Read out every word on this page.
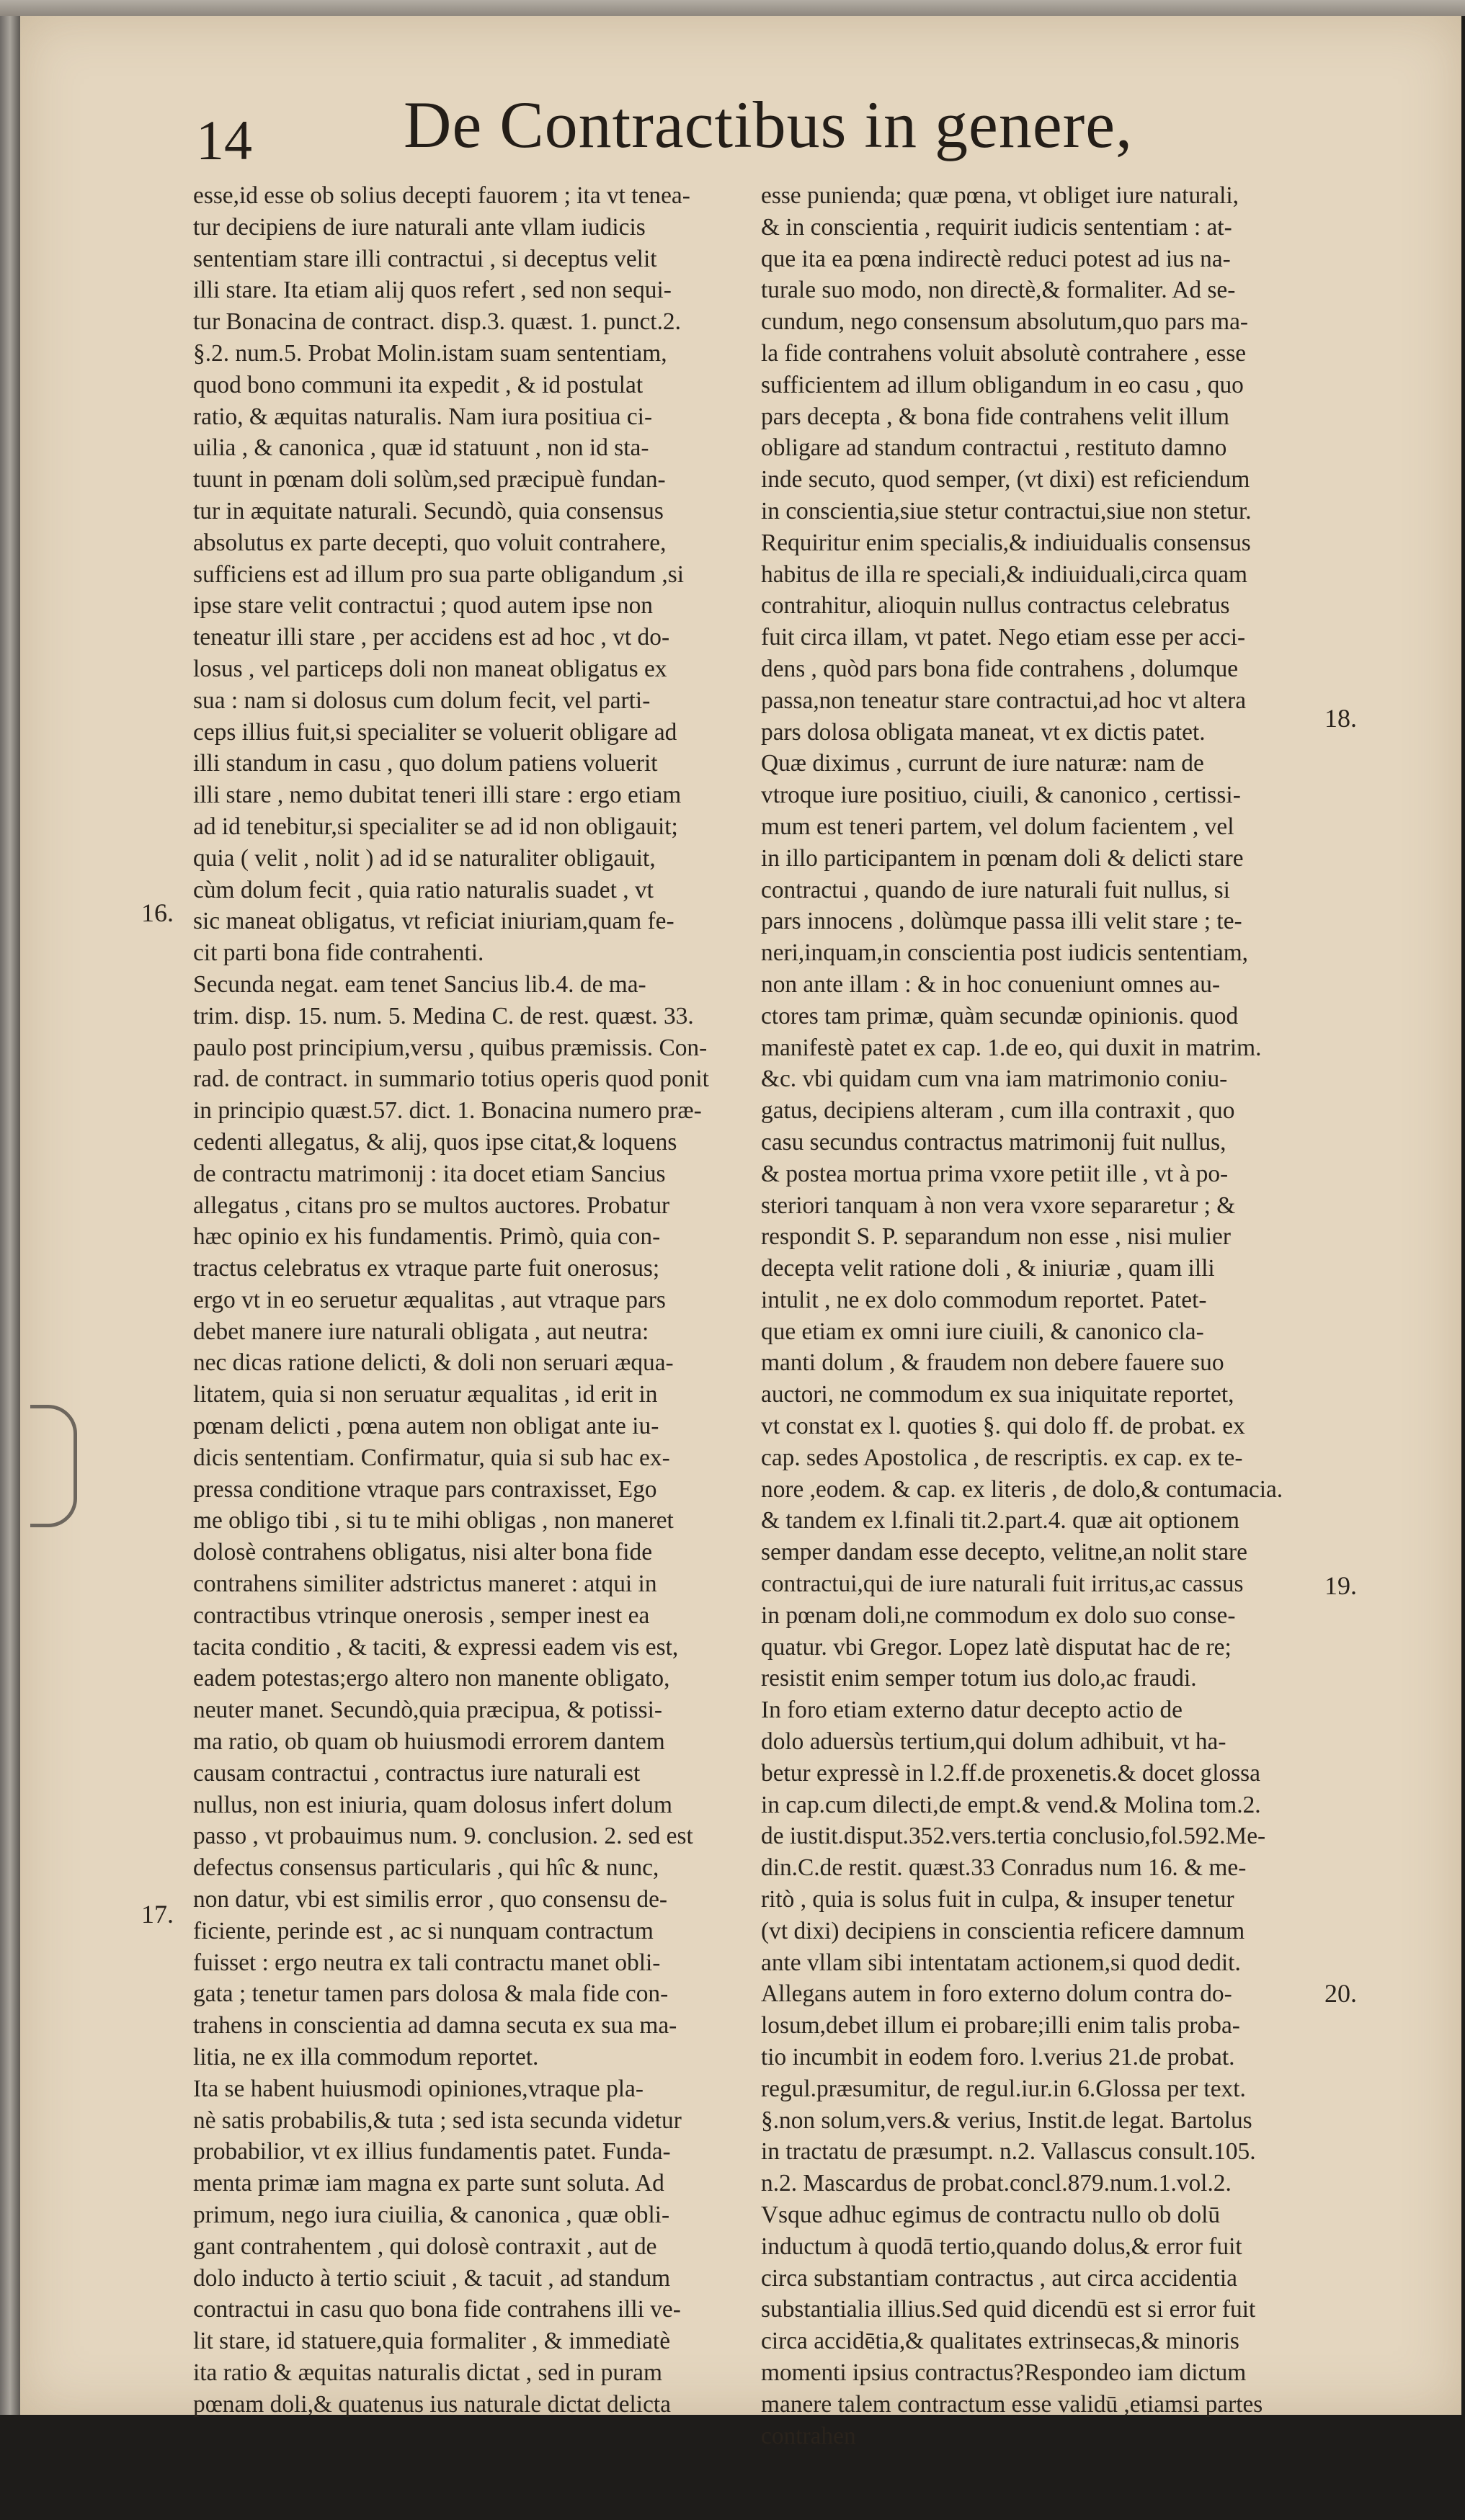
14 De Contractibus in genere,
esse,id esse ob solius decepti fauorem ; ita vt tenea-
tur decipiens de iure naturali ante vllam iudicis
sententiam stare illi contractui , si deceptus velit
illi stare. Ita etiam alij quos refert , sed non sequi-
tur Bonacina de contract. disp.3. quæst. 1. punct.2.
§.2. num.5. Probat Molin.istam suam sententiam,
quod bono communi ita expedit , & id postulat
ratio, & æquitas naturalis. Nam iura positiua ci-
uilia , & canonica , quæ id statuunt , non id sta-
tuunt in pœnam doli solùm,sed præcipuè fundan-
tur in æquitate naturali. Secundò, quia consensus
absolutus ex parte decepti, quo voluit contrahere,
sufficiens est ad illum pro sua parte obligandum ,si
ipse stare velit contractui ; quod autem ipse non
teneatur illi stare , per accidens est ad hoc , vt do-
losus , vel particeps doli non maneat obligatus ex
sua : nam si dolosus cum dolum fecit, vel parti-
ceps illius fuit,si specialiter se voluerit obligare ad
illi standum in casu , quo dolum patiens voluerit
illi stare , nemo dubitat teneri illi stare : ergo etiam
ad id tenebitur,si specialiter se ad id non obligauit;
quia ( velit , nolit ) ad id se naturaliter obligauit,
cùm dolum fecit , quia ratio naturalis suadet , vt
sic maneat obligatus, vt reficiat iniuriam,quam fe-
cit parti bona fide contrahenti.
Secunda negat. eam tenet Sancius lib.4. de ma-
trim. disp. 15. num. 5. Medina C. de rest. quæst. 33.
paulo post principium,versu , quibus præmissis. Con-
rad. de contract. in summario totius operis quod ponit
in principio quæst.57. dict. 1. Bonacina numero præ-
cedenti allegatus, & alij, quos ipse citat,& loquens
de contractu matrimonij : ita docet etiam Sancius
allegatus , citans pro se multos auctores. Probatur
hæc opinio ex his fundamentis. Primò, quia con-
tractus celebratus ex vtraque parte fuit onerosus;
ergo vt in eo seruetur æqualitas , aut vtraque pars
debet manere iure naturali obligata , aut neutra:
nec dicas ratione delicti, & doli non seruari æqua-
litatem, quia si non seruatur æqualitas , id erit in
pœnam delicti , pœna autem non obligat ante iu-
dicis sententiam. Confirmatur, quia si sub hac ex-
pressa conditione vtraque pars contraxisset, Ego
me obligo tibi , si tu te mihi obligas , non maneret
dolosè contrahens obligatus, nisi alter bona fide
contrahens similiter adstrictus maneret : atqui in
contractibus vtrinque onerosis , semper inest ea
tacita conditio , & taciti, & expressi eadem vis est,
eadem potestas;ergo altero non manente obligato,
neuter manet. Secundò,quia præcipua, & potissi-
ma ratio, ob quam ob huiusmodi errorem dantem
causam contractui , contractus iure naturali est
nullus, non est iniuria, quam dolosus infert dolum
passo , vt probauimus num. 9. conclusion. 2. sed est
defectus consensus particularis , qui hîc & nunc,
non datur, vbi est similis error , quo consensu de-
ficiente, perinde est , ac si nunquam contractum
fuisset : ergo neutra ex tali contractu manet obli-
gata ; tenetur tamen pars dolosa & mala fide con-
trahens in conscientia ad damna secuta ex sua ma-
litia, ne ex illa commodum reportet.
Ita se habent huiusmodi opiniones,vtraque pla-
nè satis probabilis,& tuta ; sed ista secunda videtur
probabilior, vt ex illius fundamentis patet. Funda-
menta primæ iam magna ex parte sunt soluta. Ad
primum, nego iura ciuilia, & canonica , quæ obli-
gant contrahentem , qui dolosè contraxit , aut de
dolo inducto à tertio sciuit , & tacuit , ad standum
contractui in casu quo bona fide contrahens illi ve-
lit stare, id statuere,quia formaliter , & immediatè
ita ratio & æquitas naturalis dictat , sed in puram
pœnam doli,& quatenus ius naturale dictat delicta
esse punienda; quæ pœna, vt obliget iure naturali,
& in conscientia , requirit iudicis sententiam : at-
que ita ea pœna indirectè reduci potest ad ius na-
turale suo modo, non directè,& formaliter. Ad se-
cundum, nego consensum absolutum,quo pars ma-
la fide contrahens voluit absolutè contrahere , esse
sufficientem ad illum obligandum in eo casu , quo
pars decepta , & bona fide contrahens velit illum
obligare ad standum contractui , restituto damno
inde secuto, quod semper, (vt dixi) est reficiendum
in conscientia,siue stetur contractui,siue non stetur.
Requiritur enim specialis,& indiuidualis consensus
habitus de illa re speciali,& indiuiduali,circa quam
contrahitur, alioquin nullus contractus celebratus
fuit circa illam, vt patet. Nego etiam esse per acci-
dens , quòd pars bona fide contrahens , dolumque
passa,non teneatur stare contractui,ad hoc vt altera
pars dolosa obligata maneat, vt ex dictis patet.
Quæ diximus , currunt de iure naturæ: nam de
vtroque iure positiuo, ciuili, & canonico , certissi-
mum est teneri partem, vel dolum facientem , vel
in illo participantem in pœnam doli & delicti stare
contractui , quando de iure naturali fuit nullus, si
pars innocens , dolùmque passa illi velit stare ; te-
neri,inquam,in conscientia post iudicis sententiam,
non ante illam : & in hoc conueniunt omnes au-
ctores tam primæ, quàm secundæ opinionis. quod
manifestè patet ex cap. 1.de eo, qui duxit in matrim.
&c. vbi quidam cum vna iam matrimonio coniu-
gatus, decipiens alteram , cum illa contraxit , quo
casu secundus contractus matrimonij fuit nullus,
& postea mortua prima vxore petiit ille , vt à po-
steriori tanquam à non vera vxore separaretur ; &
respondit S. P. separandum non esse , nisi mulier
decepta velit ratione doli , & iniuriæ , quam illi
intulit , ne ex dolo commodum reportet. Patet-
que etiam ex omni iure ciuili, & canonico cla-
manti dolum , & fraudem non debere fauere suo
auctori, ne commodum ex sua iniquitate reportet,
vt constat ex l. quoties §. qui dolo ff. de probat. ex
cap. sedes Apostolica , de rescriptis. ex cap. ex te-
nore ,eodem. & cap. ex literis , de dolo,& contumacia.
& tandem ex l.finali tit.2.part.4. quæ ait optionem
semper dandam esse decepto, velitne,an nolit stare
contractui,qui de iure naturali fuit irritus,ac cassus
in pœnam doli,ne commodum ex dolo suo conse-
quatur. vbi Gregor. Lopez latè disputat hac de re;
resistit enim semper totum ius dolo,ac fraudi.
In foro etiam externo datur decepto actio de
dolo aduersùs tertium,qui dolum adhibuit, vt ha-
betur expressè in l.2.ff.de proxenetis.& docet glossa
in cap.cum dilecti,de empt.& vend.& Molina tom.2.
de iustit.disput.352.vers.tertia conclusio,fol.592.Me-
din.C.de restit. quæst.33 Conradus num 16. & me-
ritò , quia is solus fuit in culpa, & insuper tenetur
(vt dixi) decipiens in conscientia reficere damnum
ante vllam sibi intentatam actionem,si quod dedit.
Allegans autem in foro externo dolum contra do-
losum,debet illum ei probare;illi enim talis proba-
tio incumbit in eodem foro. l.verius 21.de probat.
regul.præsumitur, de regul.iur.in 6.Glossa per text.
§.non solum,vers.& verius, Instit.de legat. Bartolus
in tractatu de præsumpt. n.2. Vallascus consult.105.
n.2. Mascardus de probat.concl.879.num.1.vol.2.
Vsque adhuc egimus de contractu nullo ob dolū
inductum à quodā tertio,quando dolus,& error fuit
circa substantiam contractus , aut circa accidentia
substantialia illius.Sed quid dicendū est si error fuit
circa accidētia,& qualitates extrinsecas,& minoris
momenti ipsius contractus?Respondeo iam dictum
manere talem contractum esse validū ,etiamsi partes
contrahen
16.
17.
18.
19.
20.
